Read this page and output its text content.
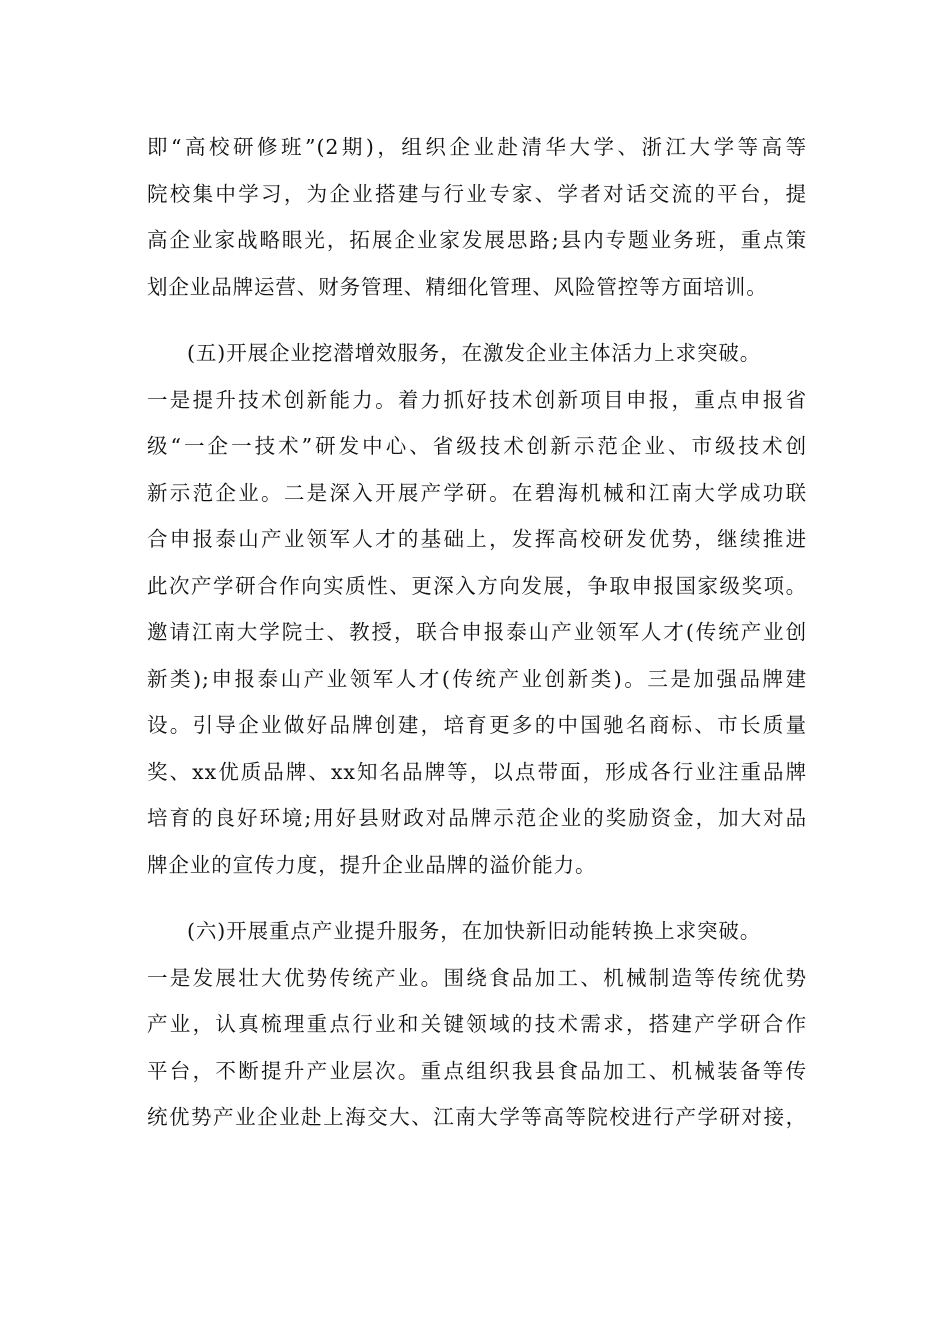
即“高校研修班”(2期)，组织企业赴清华大学、浙江大学等高等
院校集中学习，为企业搭建与行业专家、学者对话交流的平台，提
高企业家战略眼光，拓展企业家发展思路;县内专题业务班，重点策
划企业品牌运营、财务管理、精细化管理、风险管控等方面培训。
(五)开展企业挖潜增效服务，在激发企业主体活力上求突破。
一是提升技术创新能力。着力抓好技术创新项目申报，重点申报省
级“一企一技术”研发中心、省级技术创新示范企业、市级技术创
新示范企业。二是深入开展产学研。在碧海机械和江南大学成功联
合申报泰山产业领军人才的基础上，发挥高校研发优势，继续推进
此次产学研合作向实质性、更深入方向发展，争取申报国家级奖项。
邀请江南大学院士、教授，联合申报泰山产业领军人才(传统产业创
新类);申报泰山产业领军人才(传统产业创新类)。三是加强品牌建
设。引导企业做好品牌创建，培育更多的中国驰名商标、市长质量
奖、xx优质品牌、xx知名品牌等，以点带面，形成各行业注重品牌
培育的良好环境;用好县财政对品牌示范企业的奖励资金，加大对品
牌企业的宣传力度，提升企业品牌的溢价能力。
(六)开展重点产业提升服务，在加快新旧动能转换上求突破。
一是发展壮大优势传统产业。围绕食品加工、机械制造等传统优势
产业，认真梳理重点行业和关键领域的技术需求，搭建产学研合作
平台，不断提升产业层次。重点组织我县食品加工、机械装备等传
统优势产业企业赴上海交大、江南大学等高等院校进行产学研对接，
